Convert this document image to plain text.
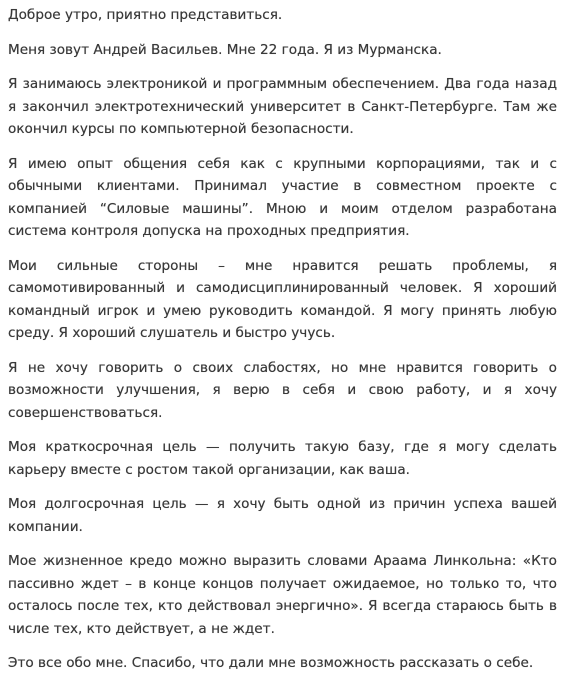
Доброе утро, приятно представиться.

Меня зовут Андрей Васильев. Мне 22 года. Я из Мурманска.

Я занимаюсь электроникой и программным обеспечением. Два года назад я закончил электротехнический университет в Санкт-Петербурге. Там же окончил курсы по компьютерной безопасности.

Я имею опыт общения себя как с крупными корпорациями, так и с обычными клиентами. Принимал участие в совместном проекте с компанией “Силовые машины”. Мною и моим отделом разработана система контроля допуска на проходных предприятия.

Мои сильные стороны – мне нравится решать проблемы, я самомотивированный и самодисциплинированный человек. Я хороший командный игрок и умею руководить командой. Я могу принять любую среду. Я хороший слушатель и быстро учусь.

Я не хочу говорить о своих слабостях, но мне нравится говорить о возможности улучшения, я верю в себя и свою работу, и я хочу совершенствоваться.

Моя краткосрочная цель — получить такую базу, где я могу сделать карьеру вместе с ростом такой организации, как ваша.

Моя долгосрочная цель — я хочу быть одной из причин успеха вашей компании.

Мое жизненное кредо можно выразить словами Араама Линкольна: «Кто пассивно ждет – в конце концов получает ожидаемое, но только то, что осталось после тех, кто действовал энергично». Я всегда стараюсь быть в числе тех, кто действует, а не ждет.

Это все обо мне. Спасибо, что дали мне возможность рассказать о себе.
